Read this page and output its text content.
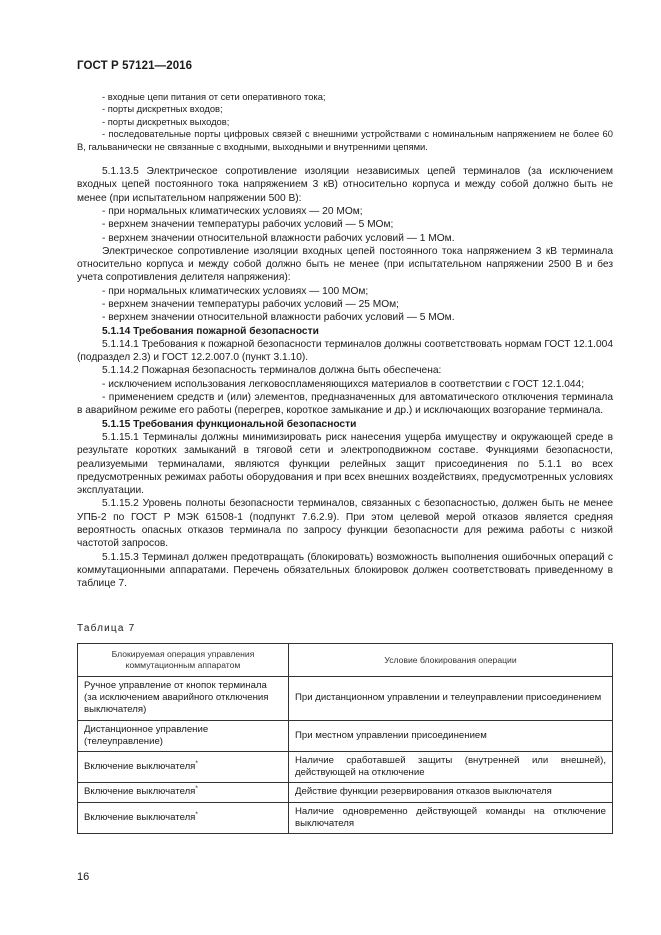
ГОСТ Р 57121—2016

- входные цепи питания от сети оперативного тока;

- порты дискретных входов;

- порты дискретных выходов;

- последовательные порты цифровых связей с внешними устройствами с номинальным напряжением не более 60 В, гальванически не связанные с входными, выходными и внутренними цепями.

5.1.13.5 Электрическое сопротивление изоляции независимых цепей терминалов (за исключением входных цепей постоянного тока напряжением 3 кВ) относительно корпуса и между собой должно быть не менее (при испытательном напряжении 500 В):

- при нормальных климатических условиях — 20 МОм;

- верхнем значении температуры рабочих условий — 5 МОм;

- верхнем значении относительной влажности рабочих условий — 1 МОм.

Электрическое сопротивление изоляции входных цепей постоянного тока напряжением 3 кВ терминала относительно корпуса и между собой должно быть не менее (при испытательном напряжении 2500 В и без учета сопротивления делителя напряжения):

- при нормальных климатических условиях — 100 МОм;

- верхнем значении температуры рабочих условий — 25 МОм;

- верхнем значении относительной влажности рабочих условий — 5 МОм.

5.1.14 Требования пожарной безопасности

5.1.14.1 Требования к пожарной безопасности терминалов должны соответствовать нормам ГОСТ 12.1.004 (подраздел 2.3) и ГОСТ 12.2.007.0 (пункт 3.1.10).

5.1.14.2 Пожарная безопасность терминалов должна быть обеспечена:

- исключением использования легковоспламеняющихся материалов в соответствии с ГОСТ 12.1.044;

- применением средств и (или) элементов, предназначенных для автоматического отключения терминала в аварийном режиме его работы (перегрев, короткое замыкание и др.) и исключающих возгорание терминала.

5.1.15 Требования функциональной безопасности

5.1.15.1 Терминалы должны минимизировать риск нанесения ущерба имуществу и окружающей среде в результате коротких замыканий в тяговой сети и электроподвижном составе. Функциями безопасности, реализуемыми терминалами, являются функции релейных защит присоединения по 5.1.1 во всех предусмотренных режимах работы оборудования и при всех внешних воздействиях, предусмотренных условиях эксплуатации.

5.1.15.2 Уровень полноты безопасности терминалов, связанных с безопасностью, должен быть не менее УПБ-2 по ГОСТ Р МЭК 61508-1 (подпункт 7.6.2.9). При этом целевой мерой отказов является средняя вероятность опасных отказов терминала по запросу функции безопасности для режима работы с низкой частотой запросов.

5.1.15.3 Терминал должен предотвращать (блокировать) возможность выполнения ошибочных операций с коммутационными аппаратами. Перечень обязательных блокировок должен соответствовать приведенному в таблице 7.

Таблица 7
Блокируемая операция управления коммутационным аппаратом	Условие блокирования операции
Ручное управление от кнопок терминала (за исключением аварийного отключения выключателя)	При дистанционном управлении и телеуправлении присоединением
Дистанционное управление (телеуправление)	При местном управлении присоединением
Включение выключателя*	Наличие сработавшей защиты (внутренней или внешней), действующей на отключение
Включение выключателя*	Действие функции резервирования отказов выключателя
Включение выключателя*	Наличие одновременно действующей команды на отключение выключателя
16
